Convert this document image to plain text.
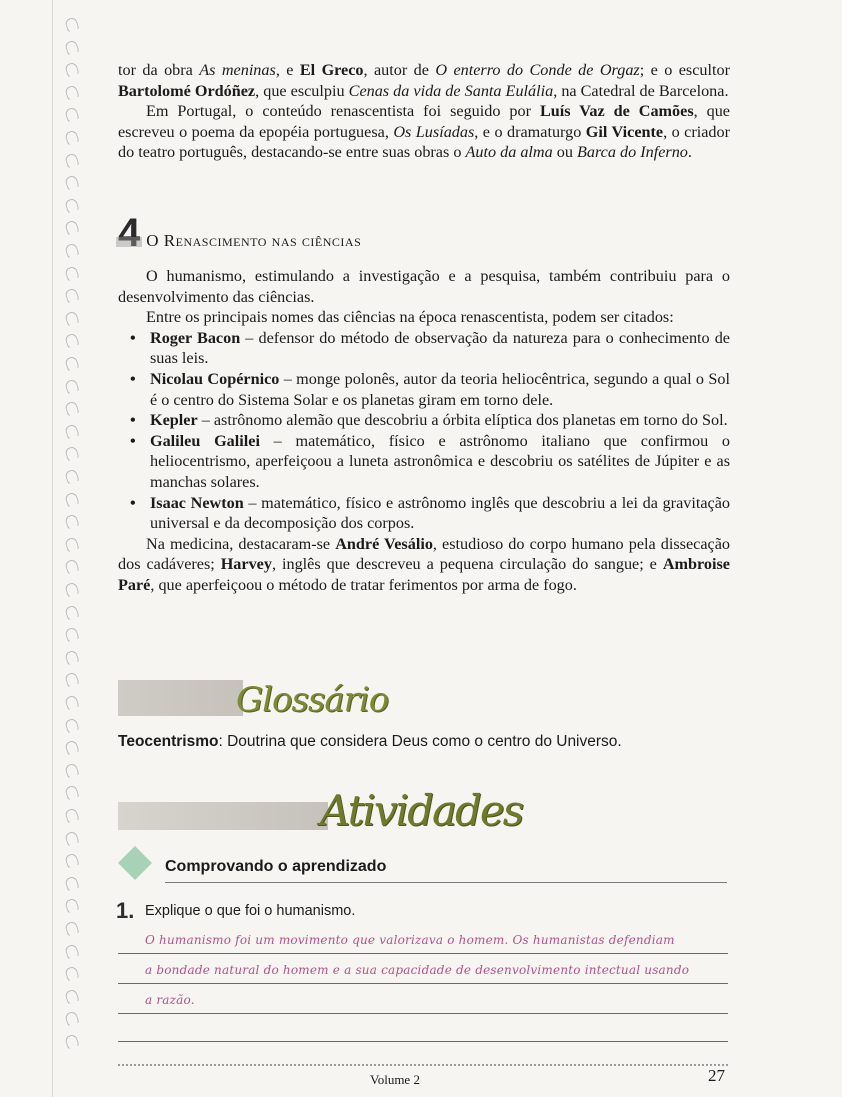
tor da obra As meninas, e El Greco, autor de O enterro do Conde de Orgaz; e o escultor Bartolomé Ordóñez, que esculpiu Cenas da vida de Santa Eulália, na Catedral de Barcelona.

Em Portugal, o conteúdo renascentista foi seguido por Luís Vaz de Camões, que escreveu o poema da epopéia portuguesa, Os Lusíadas, e o dramaturgo Gil Vicente, o criador do teatro português, destacando-se entre suas obras o Auto da alma ou Barca do Inferno.

4 O Renascimento nas ciências

O humanismo, estimulando a investigação e a pesquisa, também contribuiu para o desenvolvimento das ciências.

Entre os principais nomes das ciências na época renascentista, podem ser citados:

• Roger Bacon – defensor do método de observação da natureza para o conhecimento de suas leis.
• Nicolau Copérnico – monge polonês, autor da teoria heliocêntrica, segundo a qual o Sol é o centro do Sistema Solar e os planetas giram em torno dele.
• Kepler – astrônomo alemão que descobriu a órbita elíptica dos planetas em torno do Sol.
• Galileu Galilei – matemático, físico e astrônomo italiano que confirmou o heliocentrismo, aperfeiçoou a luneta astronômica e descobriu os satélites de Júpiter e as manchas solares.
• Isaac Newton – matemático, físico e astrônomo inglês que descobriu a lei da gravitação universal e da decomposição dos corpos.

Na medicina, destacaram-se André Vesálio, estudioso do corpo humano pela dissecação dos cadáveres; Harvey, inglês que descreveu a pequena circulação do sangue; e Ambroise Paré, que aperfeiçoou o método de tratar ferimentos por arma de fogo.

Glossário
Teocentrismo: Doutrina que considera Deus como o centro do Universo.
Atividades
Comprovando o aprendizado
1. Explique o que foi o humanismo.
O humanismo foi um movimento que valorizava o homem. Os humanistas defendiam
a bondade natural do homem e a sua capacidade de desenvolvimento intectual usando
a razão.
Volume 2	27
